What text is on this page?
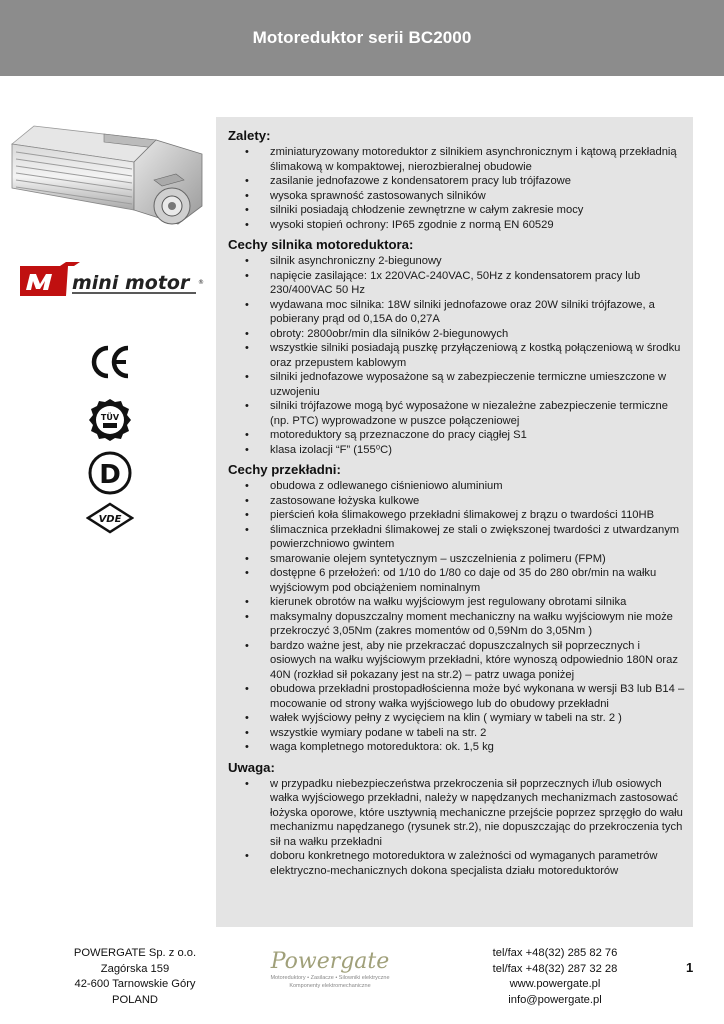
Motoreduktor serii BC2000
mini motor ®
TÜV
D
VDE
Zalety:
• zminiaturyzowany motoreduktor z silnikiem asynchronicznym i kątową przekładnią ślimakową w kompaktowej, nierozbieralnej obudowie
• zasilanie jednofazowe z kondensatorem pracy lub trójfazowe
• wysoka sprawność zastosowanych silników
• silniki posiadają chłodzenie zewnętrzne w całym zakresie mocy
• wysoki stopień ochrony: IP65 zgodnie z normą EN 60529
Cechy silnika motoreduktora:
• silnik asynchroniczny 2-biegunowy
• napięcie zasilające: 1x 220VAC-240VAC, 50Hz z kondensatorem pracy lub 230/400VAC 50 Hz
• wydawana moc silnika: 18W silniki jednofazowe oraz 20W silniki trójfazowe, a pobierany prąd od 0,15A do 0,27A
• obroty: 2800obr/min dla silników 2-biegunowych
• wszystkie silniki posiadają puszkę przyłączeniową z kostką połączeniową w środku oraz przepustem kablowym
• silniki jednofazowe wyposażone są w zabezpieczenie termiczne umieszczone w uzwojeniu
• silniki trójfazowe mogą być wyposażone w niezależne zabezpieczenie termiczne (np. PTC) wyprowadzone w puszce połączeniowej
• motoreduktory są przeznaczone do pracy ciągłej S1
• klasa izolacji “F” (155⁰C)
Cechy przekładni:
• obudowa z odlewanego ciśnieniowo aluminium
• zastosowane łożyska kulkowe
• pierścień koła ślimakowego przekładni ślimakowej z brązu o twardości 110HB
• ślimacznica przekładni ślimakowej ze stali o zwiększonej twardości z utwardzanym powierzchniowo gwintem
• smarowanie olejem syntetycznym – uszczelnienia z polimeru (FPM)
• dostępne 6 przełożeń: od 1/10 do 1/80 co daje od 35 do 280 obr/min na wałku wyjściowym pod obciążeniem nominalnym
• kierunek obrotów na wałku wyjściowym jest regulowany obrotami silnika
• maksymalny dopuszczalny moment mechaniczny na wałku wyjściowym nie może przekroczyć 3,05Nm (zakres momentów od 0,59Nm do 3,05Nm )
• bardzo ważne jest, aby nie przekraczać dopuszczalnych sił poprzecznych i osiowych na wałku wyjściowym przekładni, które wynoszą odpowiednio 180N oraz 40N (rozkład sił pokazany jest na str.2) – patrz uwaga poniżej
• obudowa przekładni prostopadłościenna może być wykonana w wersji B3 lub B14 – mocowanie od strony wałka wyjściowego lub do obudowy przekładni
• wałek wyjściowy pełny z wycięciem na klin ( wymiary w tabeli na str. 2 )
• wszystkie wymiary podane w tabeli na str. 2
• waga kompletnego motoreduktora: ok. 1,5 kg
Uwaga:
• w przypadku niebezpieczeństwa przekroczenia sił poprzecznych i/lub osiowych wałka wyjściowego przekładni, należy w napędzanych mechanizmach zastosować łożyska oporowe, które usztywnią mechaniczne przejście poprzez sprzęgło do wału mechanizmu napędzanego (rysunek str.2), nie dopuszczając do przekroczenia tych sił na wałku przekładni
• doboru konkretnego motoreduktora w zależności od wymaganych parametrów elektryczno-mechanicznych dokona specjalista działu motoreduktorów
POWERGATE Sp. z o.o.
Zagórska 159
42-600 Tarnowskie Góry
POLAND
Powergate
Motoreduktory • Zasilacze • Silowniki elektryczne
Komponenty elektromechaniczne
tel/fax +48(32) 285 82 76
tel/fax +48(32) 287 32 28
www.powergate.pl
info@powergate.pl
1
